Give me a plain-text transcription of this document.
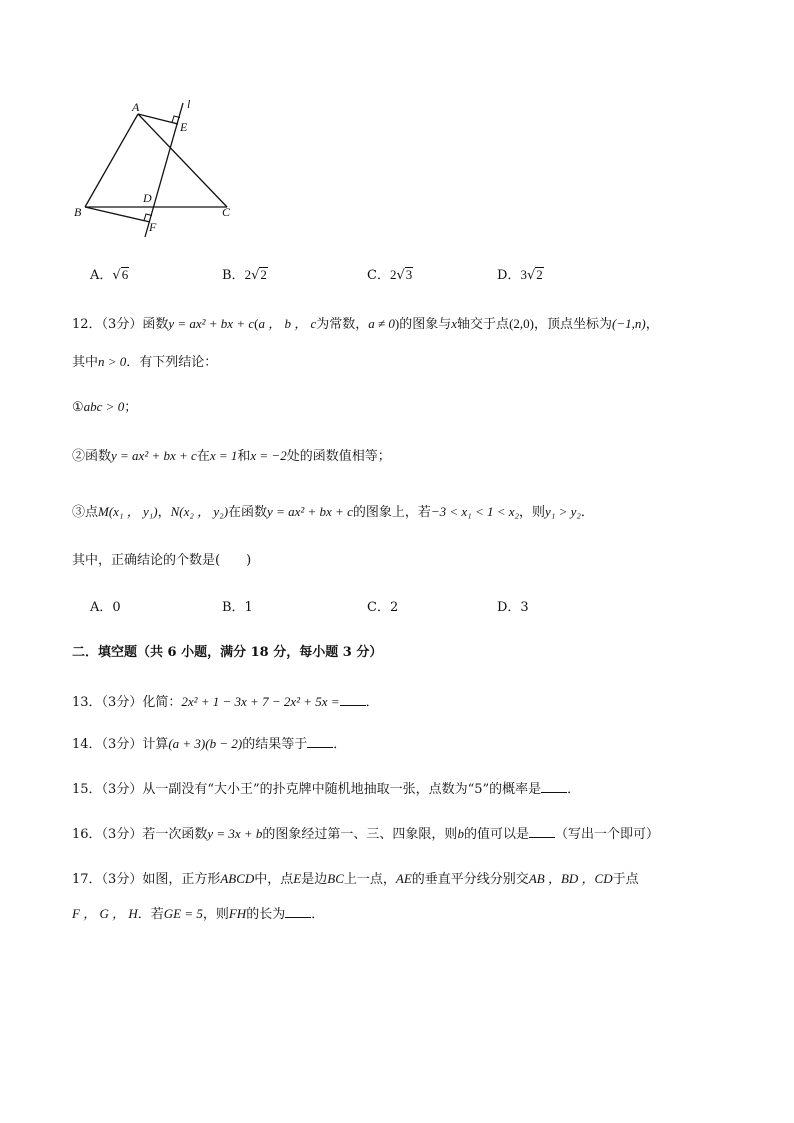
A	l
E
D
B	C
F
A．√6	B．2√2	C．2√3	D．3√2
12．（3分）函数y = ax² + bx + c(a ， b ， c为常数，a ≠ 0)的图象与x轴交于点(2,0)，顶点坐标为(−1,n)，
其中n > 0．有下列结论：
①abc > 0；
②函数y = ax² + bx + c在x = 1和x = −2处的函数值相等；
③点M(x₁ ， y₁)，N(x₂ ， y₂)在函数y = ax² + bx + c的图象上，若−3 < x₁ < 1 < x₂，则y₁ > y₂．
其中，正确结论的个数是(　　)
A．0	B．1	C．2	D．3
二．填空题（共 6 小题，满分 18 分，每小题 3 分）
13．（3分）化简：2x² + 1 − 3x + 7 − 2x² + 5x = ．
14．（3分）计算(a + 3)(b − 2)的结果等于 ．
15．（3分）从一副没有“大小王”的扑克牌中随机地抽取一张，点数为“5”的概率是 ．
16．（3分）若一次函数y = 3x + b的图象经过第一、三、四象限，则b的值可以是 （写出一个即可）
17．（3分）如图，正方形ABCD中，点E是边BC上一点，AE的垂直平分线分别交AB ，BD ，CD于点
F ， G ， H．若GE = 5，则FH的长为 ．
